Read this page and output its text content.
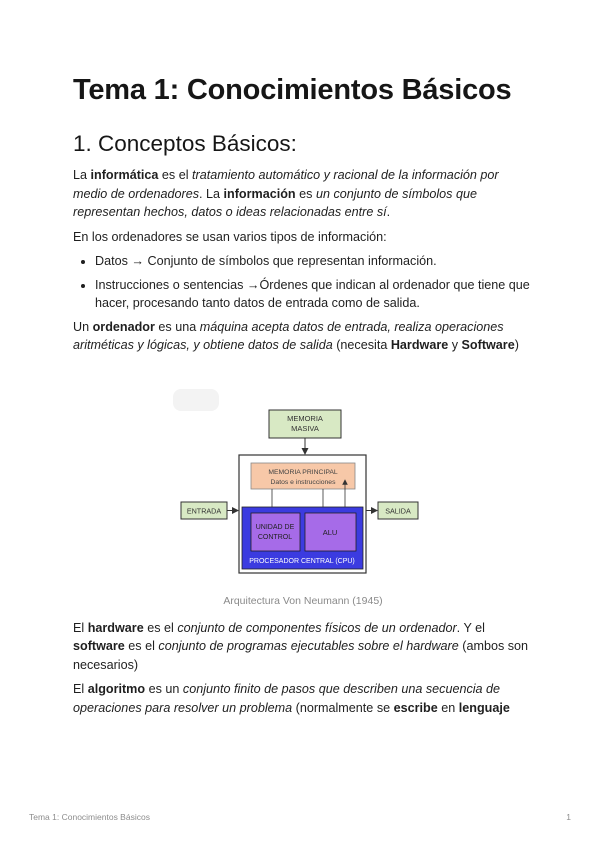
Tema 1: Conocimientos Básicos
1. Conceptos Básicos:

La informática es el tratamiento automático y racional de la información por medio de ordenadores. La información es un conjunto de símbolos que representan hechos, datos o ideas relacionadas entre sí.

En los ordenadores se usan varios tipos de información:

• Datos → Conjunto de símbolos que representan información.
• Instrucciones o sentencias →Órdenes que indican al ordenador que tiene que hacer, procesando tanto datos de entrada como de salida.

Un ordenador es una máquina acepta datos de entrada, realiza operaciones aritméticas y lógicas, y obtiene datos de salida (necesita Hardware y Software)

MEMORIA
MASIVA
MEMORIA PRINCIPAL
Datos e instrucciones
UNIDAD DE
CONTROL
ALU
PROCESADOR CENTRAL (CPU)
ENTRADA	SALIDA
Arquitectura Von Neumann (1945)

El hardware es el conjunto de componentes físicos de un ordenador. Y el software es el conjunto de programas ejecutables sobre el hardware (ambos son necesarios)

El algoritmo es un conjunto finito de pasos que describen una secuencia de operaciones para resolver un problema (normalmente se escribe en lenguaje

Tema 1: Conocimientos Básicos	1
